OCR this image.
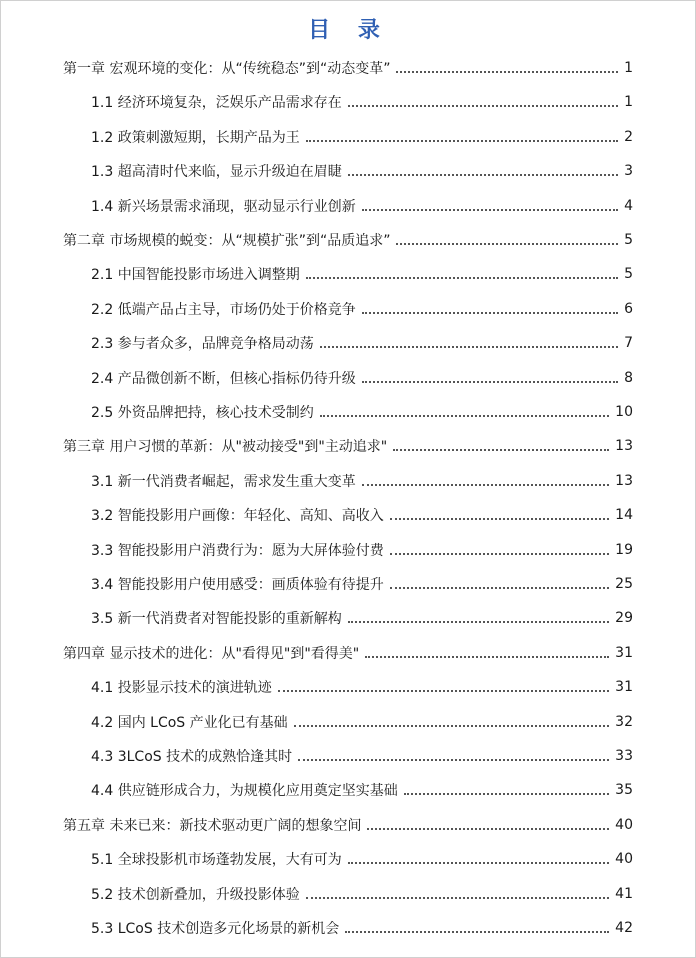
目 录
第一章 宏观环境的变化：从“传统稳态”到“动态变革”	1
1.1 经济环境复杂，泛娱乐产品需求存在	1
1.2 政策刺激短期，长期产品为王	2
1.3 超高清时代来临，显示升级迫在眉睫	3
1.4 新兴场景需求涌现，驱动显示行业创新	4
第二章 市场规模的蜕变：从“规模扩张”到“品质追求”	5
2.1 中国智能投影市场进入调整期	5
2.2 低端产品占主导，市场仍处于价格竞争	6
2.3 参与者众多，品牌竞争格局动荡	7
2.4 产品微创新不断，但核心指标仍待升级	8
2.5 外资品牌把持，核心技术受制约	10
第三章 用户习惯的革新：从"被动接受"到"主动追求"	13
3.1 新一代消费者崛起，需求发生重大变革	13
3.2 智能投影用户画像：年轻化、高知、高收入	14
3.3 智能投影用户消费行为：愿为大屏体验付费	19
3.4 智能投影用户使用感受：画质体验有待提升	25
3.5 新一代消费者对智能投影的重新解构	29
第四章 显示技术的进化：从"看得见"到"看得美"	31
4.1 投影显示技术的演进轨迹	31
4.2 国内 LCoS 产业化已有基础	32
4.3 3LCoS 技术的成熟恰逢其时	33
4.4 供应链形成合力，为规模化应用奠定坚实基础	35
第五章 未来已来：新技术驱动更广阔的想象空间	40
5.1 全球投影机市场蓬勃发展，大有可为	40
5.2 技术创新叠加，升级投影体验	41
5.3 LCoS 技术创造多元化场景的新机会	42
